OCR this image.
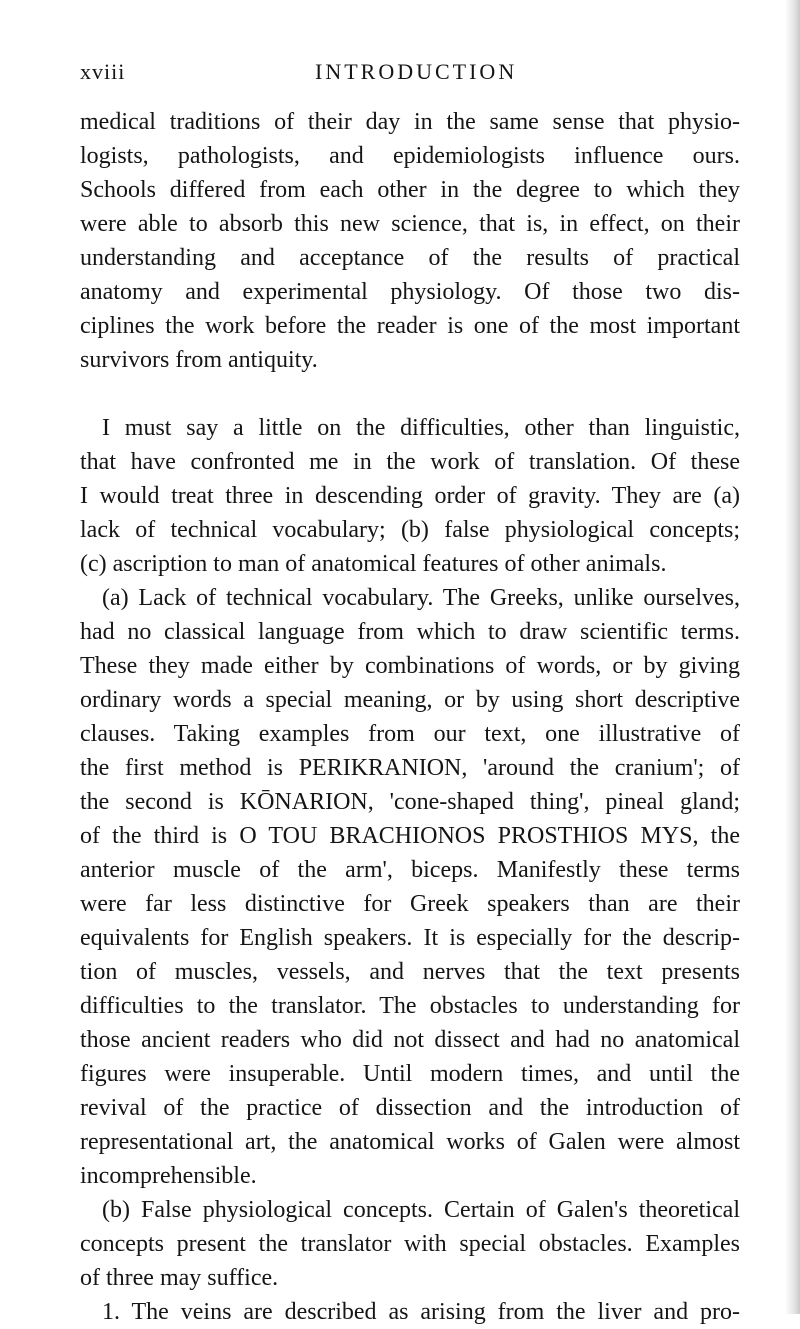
xviii	INTRODUCTION
medical traditions of their day in the same sense that physio-
logists, pathologists, and epidemiologists influence ours.
Schools differed from each other in the degree to which they
were able to absorb this new science, that is, in effect, on their
understanding and acceptance of the results of practical
anatomy and experimental physiology. Of those two dis-
ciplines the work before the reader is one of the most important
survivors from antiquity.
I must say a little on the difficulties, other than linguistic,
that have confronted me in the work of translation. Of these
I would treat three in descending order of gravity. They are (a)
lack of technical vocabulary; (b) false physiological concepts;
(c) ascription to man of anatomical features of other animals.
(a) Lack of technical vocabulary. The Greeks, unlike ourselves,
had no classical language from which to draw scientific terms.
These they made either by combinations of words, or by giving
ordinary words a special meaning, or by using short descriptive
clauses. Taking examples from our text, one illustrative of
the first method is PERIKRANION, 'around the cranium'; of
the second is KŌNARION, 'cone-shaped thing', pineal gland;
of the third is O TOU BRACHIONOS PROSTHIOS MYS, the
anterior muscle of the arm', biceps. Manifestly these terms
were far less distinctive for Greek speakers than are their
equivalents for English speakers. It is especially for the descrip-
tion of muscles, vessels, and nerves that the text presents
difficulties to the translator. The obstacles to understanding for
those ancient readers who did not dissect and had no anatomical
figures were insuperable. Until modern times, and until the
revival of the practice of dissection and the introduction of
representational art, the anatomical works of Galen were almost
incomprehensible.
(b) False physiological concepts. Certain of Galen's theoretical
concepts present the translator with special obstacles. Examples
of three may suffice.
1. The veins are described as arising from the liver and pro-
